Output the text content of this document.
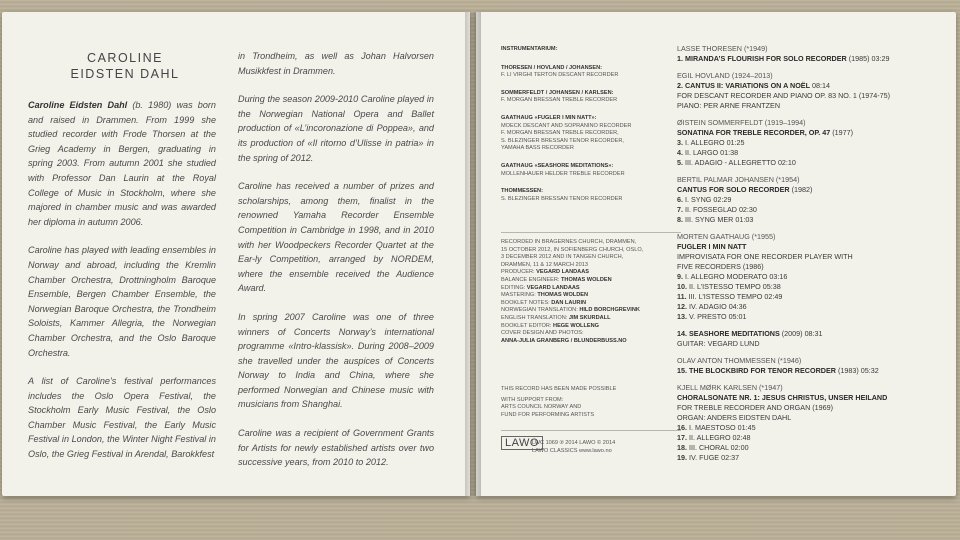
CAROLINE
EIDSTEN DAHL

Caroline Eidsten Dahl (b. 1980) was born and raised in Drammen. From 1999 she studied recorder with Frode Thorsen at the Grieg Academy in Bergen, graduating in spring 2003. From autumn 2001 she studied with Professor Dan Laurin at the Royal College of Music in Stockholm, where she majored in chamber music and was awarded her diploma in autumn 2006.

Caroline has played with leading ensembles in Norway and abroad, including the Kremlin Chamber Orchestra, Drottningholm Baroque Ensemble, Bergen Chamber Ensemble, the Norwegian Baroque Orchestra, the Trondheim Soloists, Kammer Allegria, the Norwegian Chamber Orchestra, and the Oslo Baroque Orchestra.

A list of Caroline’s festival performances includes the Oslo Opera Festival, the Stockholm Early Music Festival, the Oslo Chamber Music Festival, the Early Music Festival in London, the Winter Night Festival in Oslo, the Grieg Festival in Arendal, Barokkfest

in Trondheim, as well as Johan Halvorsen Musikkfest in Drammen.

During the season 2009-2010 Caroline played in the Norwegian National Opera and Ballet production of «L’incoronazione di Poppea», and its production of «Il ritorno d’Ulisse in patria» in the spring of 2012.

Caroline has received a number of prizes and scholarships, among them, finalist in the renowned Yamaha Recorder Ensemble Competition in Cambridge in 1998, and in 2010 with her Woodpeckers Recorder Quartet at the Ear-ly Competition, arranged by NORDEM, where the ensemble received the Audience Award.

In spring 2007 Caroline was one of three winners of Concerts Norway’s international programme «Intro-klassisk». During 2008–2009 she travelled under the auspices of Concerts Norway to India and China, where she performed Norwegian and Chinese music with musicians from Shanghai.

Caroline was a recipient of Government Grants for Artists for newly established artists over two successive years, from 2010 to 2012.

INSTRUMENTARIUM:
THORESEN / HOVLAND / JOHANSEN:
F. LI VIRGHI TERTON DESCANT RECORDER
SOMMERFELDT / JOHANSEN / KARLSEN:
F. MORGAN BRESSAN TREBLE RECORDER
GAATHAUG «FUGLER I MIN NATT»:
MOECK DESCANT AND SOPRANINO RECORDER
F. MORGAN BRESSAN TREBLE RECORDER,
S. BLEZINGER BRESSAN TENOR RECORDER,
YAMAHA BASS RECORDER
GAATHAUG «SEASHORE MEDITATIONS»:
MOLLENHAUER HELDER TREBLE RECORDER
THOMMESSEN:
S. BLEZINGER BRESSAN TENOR RECORDER
RECORDED IN BRAGERNES CHURCH, DRAMMEN,
15 OCTOBER 2012, IN SOFIENBERG CHURCH, OSLO,
3 DECEMBER 2012 AND IN TANGEN CHURCH,
DRAMMEN, 11 & 12 MARCH 2013
PRODUCER: VEGARD LANDAAS
BALANCE ENGINEER: THOMAS WOLDEN
EDITING: VEGARD LANDAAS
MASTERING: THOMAS WOLDEN
BOOKLET NOTES: DAN LAURIN
NORWEGIAN TRANSLATION: HILD BORCHGREVINK
ENGLISH TRANSLATION: JIM SKURDALL
BOOKLET EDITOR: HEGE WOLLENG
COVER DESIGN AND PHOTOS:
ANNA-JULIA GRANBERG / BLUNDERBUSS.NO
THIS RECORD HAS BEEN MADE POSSIBLE
WITH SUPPORT FROM:
ARTS COUNCIL NORWAY AND
FUND FOR PERFORMING ARTISTS
LAWO
LWC 1069 ℗ 2014 LAWO © 2014
LAWO CLASSICS www.lawo.no
LASSE THORESEN (*1949)
1. MIRANDA’S FLOURISH FOR SOLO RECORDER (1985) 03:29
EGIL HOVLAND (1924–2013)
2. CANTUS II: VARIATIONS ON A NOËL 08:14
FOR DESCANT RECORDER AND PIANO OP. 83 NO. 1 (1974-75)
PIANO: PER ARNE FRANTZEN
ØISTEIN SOMMERFELDT (1919–1994)
SONATINA FOR TREBLE RECORDER, OP. 47 (1977)
3. I. ALLEGRO 01:25
4. II. LARGO 01:38
5. III. ADAGIO - ALLEGRETTO 02:10
BERTIL PALMAR JOHANSEN (*1954)
CANTUS FOR SOLO RECORDER (1982)
6. I. SYNG 02:29
7. II. FOSSEGLAD 02:30
8. III. SYNG MER 01:03
MORTEN GAATHAUG (*1955)
FUGLER I MIN NATT
IMPROVISATA FOR ONE RECORDER PLAYER WITH
FIVE RECORDERS (1986)
9. I. ALLEGRO MODERATO 03:16
10. II. L’ISTESSO TEMPO 05:38
11. III. L’ISTESSO TEMPO 02:49
12. IV. ADAGIO 04:36
13. V. PRESTO 05:01
14. SEASHORE MEDITATIONS (2009) 08:31
GUITAR: VEGARD LUND
OLAV ANTON THOMMESSEN (*1946)
15. THE BLOCKBIRD FOR TENOR RECORDER (1983) 05:32
KJELL MØRK KARLSEN (*1947)
CHORALSONATE NR. 1: JESUS CHRISTUS, UNSER HEILAND
FOR TREBLE RECORDER AND ORGAN (1969)
ORGAN: ANDERS EIDSTEN DAHL
16. I. MAESTOSO 01:45
17. II. ALLEGRO 02:48
18. III. CHORAL 02:00
19. IV. FUGE 02:37
